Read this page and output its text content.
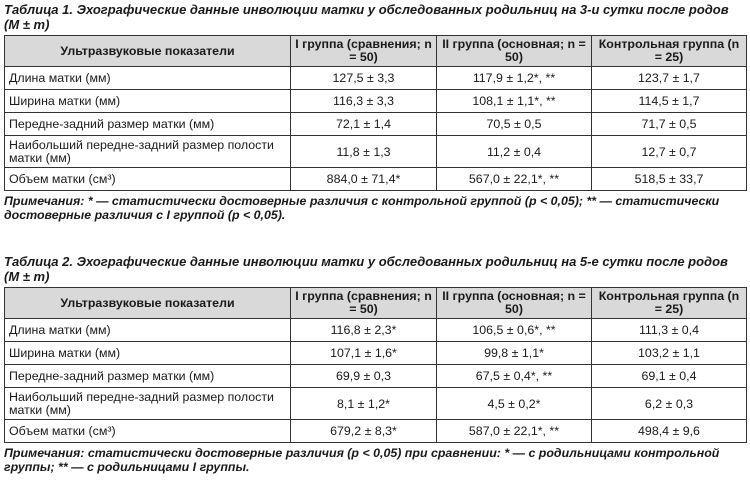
Таблица 1. Эхографические данные инволюции матки у обследованных родильниц на 3-и сутки после родов (M ± m)
Ультразвуковые показатели	I группа (сравнения; n = 50)	II группа (основная; n = 50)	Контрольная группа (n = 25)
Длина матки (мм)	127,5 ± 3,3	117,9 ± 1,2*, **	123,7 ± 1,7
Ширина матки (мм)	116,3 ± 3,3	108,1 ± 1,1*, **	114,5 ± 1,7
Передне-задний размер матки (мм)	72,1 ± 1,4	70,5 ± 0,5	71,7 ± 0,5
Наибольший передне-задний размер полости матки (мм)	11,8 ± 1,3	11,2 ± 0,4	12,7 ± 0,7
Объем матки (см³)	884,0 ± 71,4*	567,0 ± 22,1*, **	518,5 ± 33,7
Примечания: * — статистически достоверные различия с контрольной группой (p < 0,05); ** — статистически достоверные различия с I группой (p < 0,05).
Таблица 2. Эхографические данные инволюции матки у обследованных родильниц на 5-е сутки после родов (M ± m)
Ультразвуковые показатели	I группа (сравнения; n = 50)	II группа (основная; n = 50)	Контрольная группа (n = 25)
Длина матки (мм)	116,8 ± 2,3*	106,5 ± 0,6*, **	111,3 ± 0,4
Ширина матки (мм)	107,1 ± 1,6*	99,8 ± 1,1*	103,2 ± 1,1
Передне-задний размер матки (мм)	69,9 ± 0,3	67,5 ± 0,4*, **	69,1 ± 0,4
Наибольший передне-задний размер полости матки (мм)	8,1 ± 1,2*	4,5 ± 0,2*	6,2 ± 0,3
Объем матки (см³)	679,2 ± 8,3*	587,0 ± 22,1*, **	498,4 ± 9,6
Примечания: статистически достоверные различия (p < 0,05) при сравнении: * — с родильницами контрольной группы; ** — с родильницами I группы.
